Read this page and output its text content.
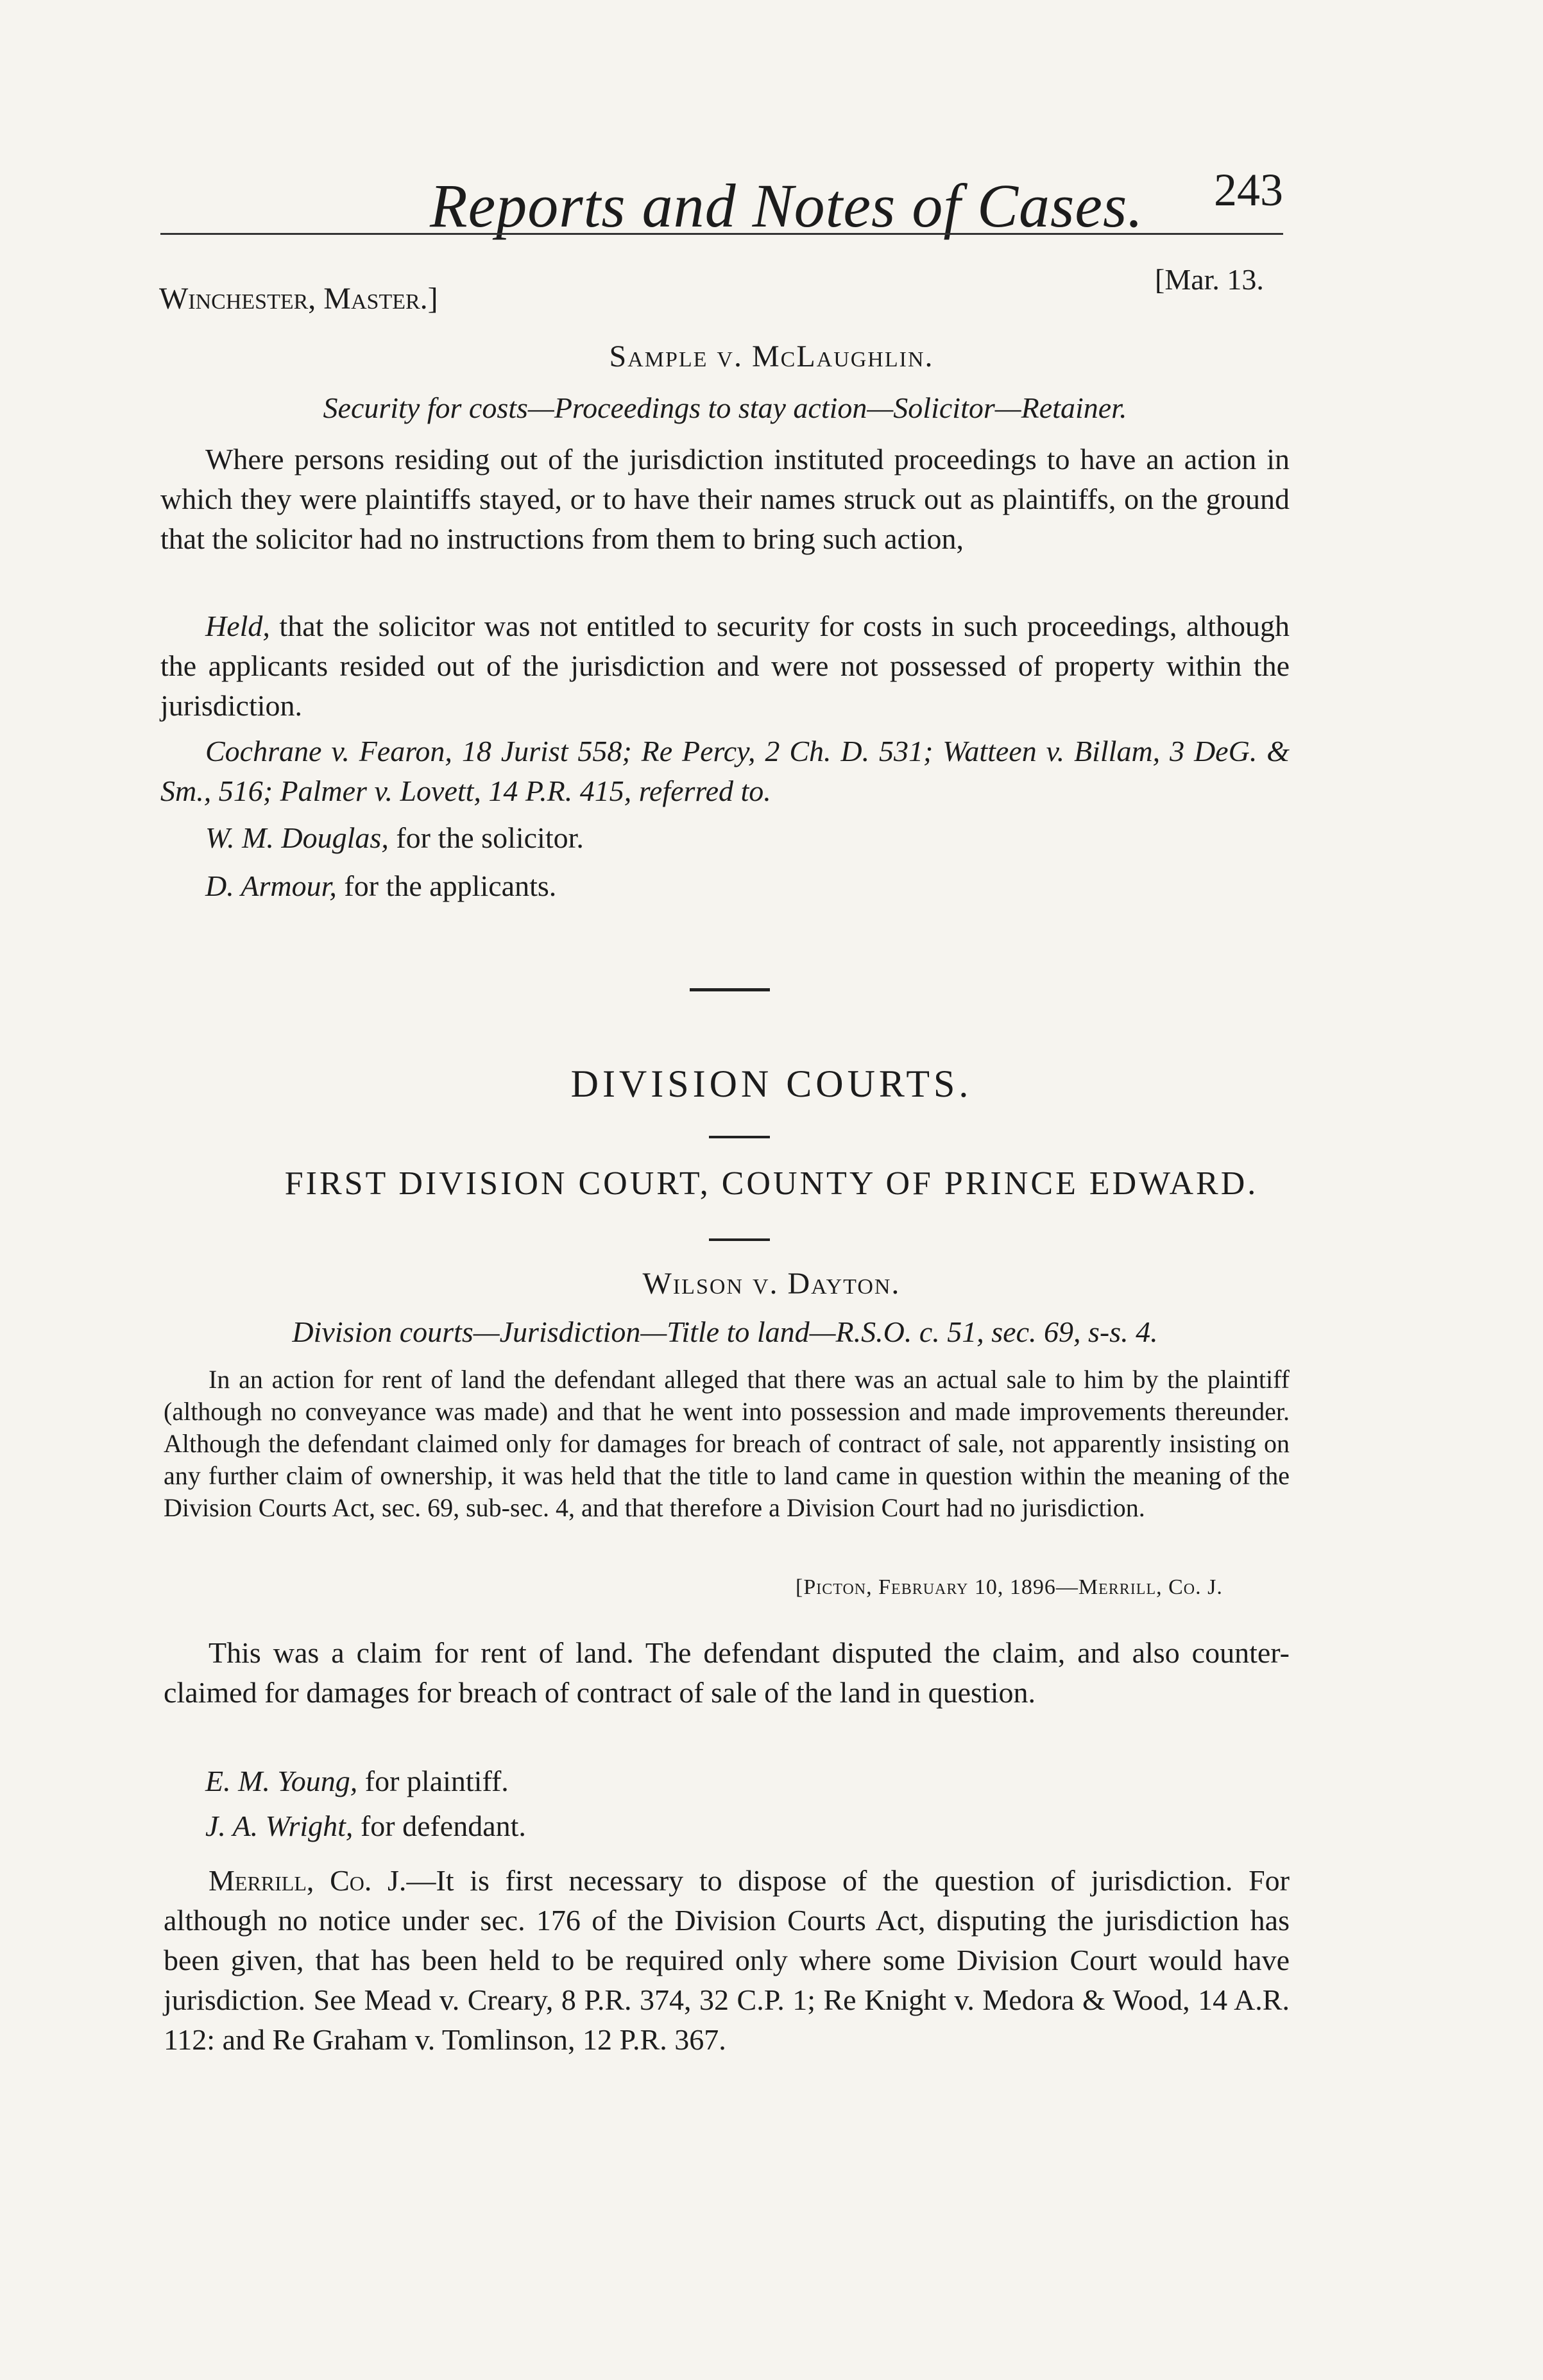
Reports and Notes of Cases. 243
Winchester, Master.]
[Mar. 13.
Sample v. McLaughlin.
Security for costs—Proceedings to stay action—Solicitor—Retainer.
Where persons residing out of the jurisdiction instituted proceedings to have an action in which they were plaintiffs stayed, or to have their names struck out as plaintiffs, on the ground that the solicitor had no instructions from them to bring such action,
Held, that the solicitor was not entitled to security for costs in such proceedings, although the applicants resided out of the jurisdiction and were not possessed of property within the jurisdiction.
Cochrane v. Fearon, 18 Jurist 558; Re Percy, 2 Ch. D. 531; Watteen v. Billam, 3 DeG. & Sm., 516; Palmer v. Lovett, 14 P.R. 415, referred to.
W. M. Douglas, for the solicitor.
D. Armour, for the applicants.
DIVISION COURTS.
FIRST DIVISION COURT, COUNTY OF PRINCE EDWARD.
Wilson v. Dayton.
Division courts—Jurisdiction—Title to land—R.S.O. c. 51, sec. 69, s-s. 4.
In an action for rent of land the defendant alleged that there was an actual sale to him by the plaintiff (although no conveyance was made) and that he went into possession and made improvements thereunder. Although the defendant claimed only for damages for breach of contract of sale, not apparently insisting on any further claim of ownership, it was held that the title to land came in question within the meaning of the Division Courts Act, sec. 69, sub-sec. 4, and that therefore a Division Court had no jurisdiction.
[Picton, February 10, 1896—Merrill, Co. J.
This was a claim for rent of land. The defendant disputed the claim, and also counter-claimed for damages for breach of contract of sale of the land in question.
E. M. Young, for plaintiff.
J. A. Wright, for defendant.
Merrill, Co. J.—It is first necessary to dispose of the question of jurisdiction. For although no notice under sec. 176 of the Division Courts Act, disputing the jurisdiction has been given, that has been held to be required only where some Division Court would have jurisdiction. See Mead v. Creary, 8 P.R. 374, 32 C.P. 1; Re Knight v. Medora & Wood, 14 A.R. 112: and Re Graham v. Tomlinson, 12 P.R. 367.
